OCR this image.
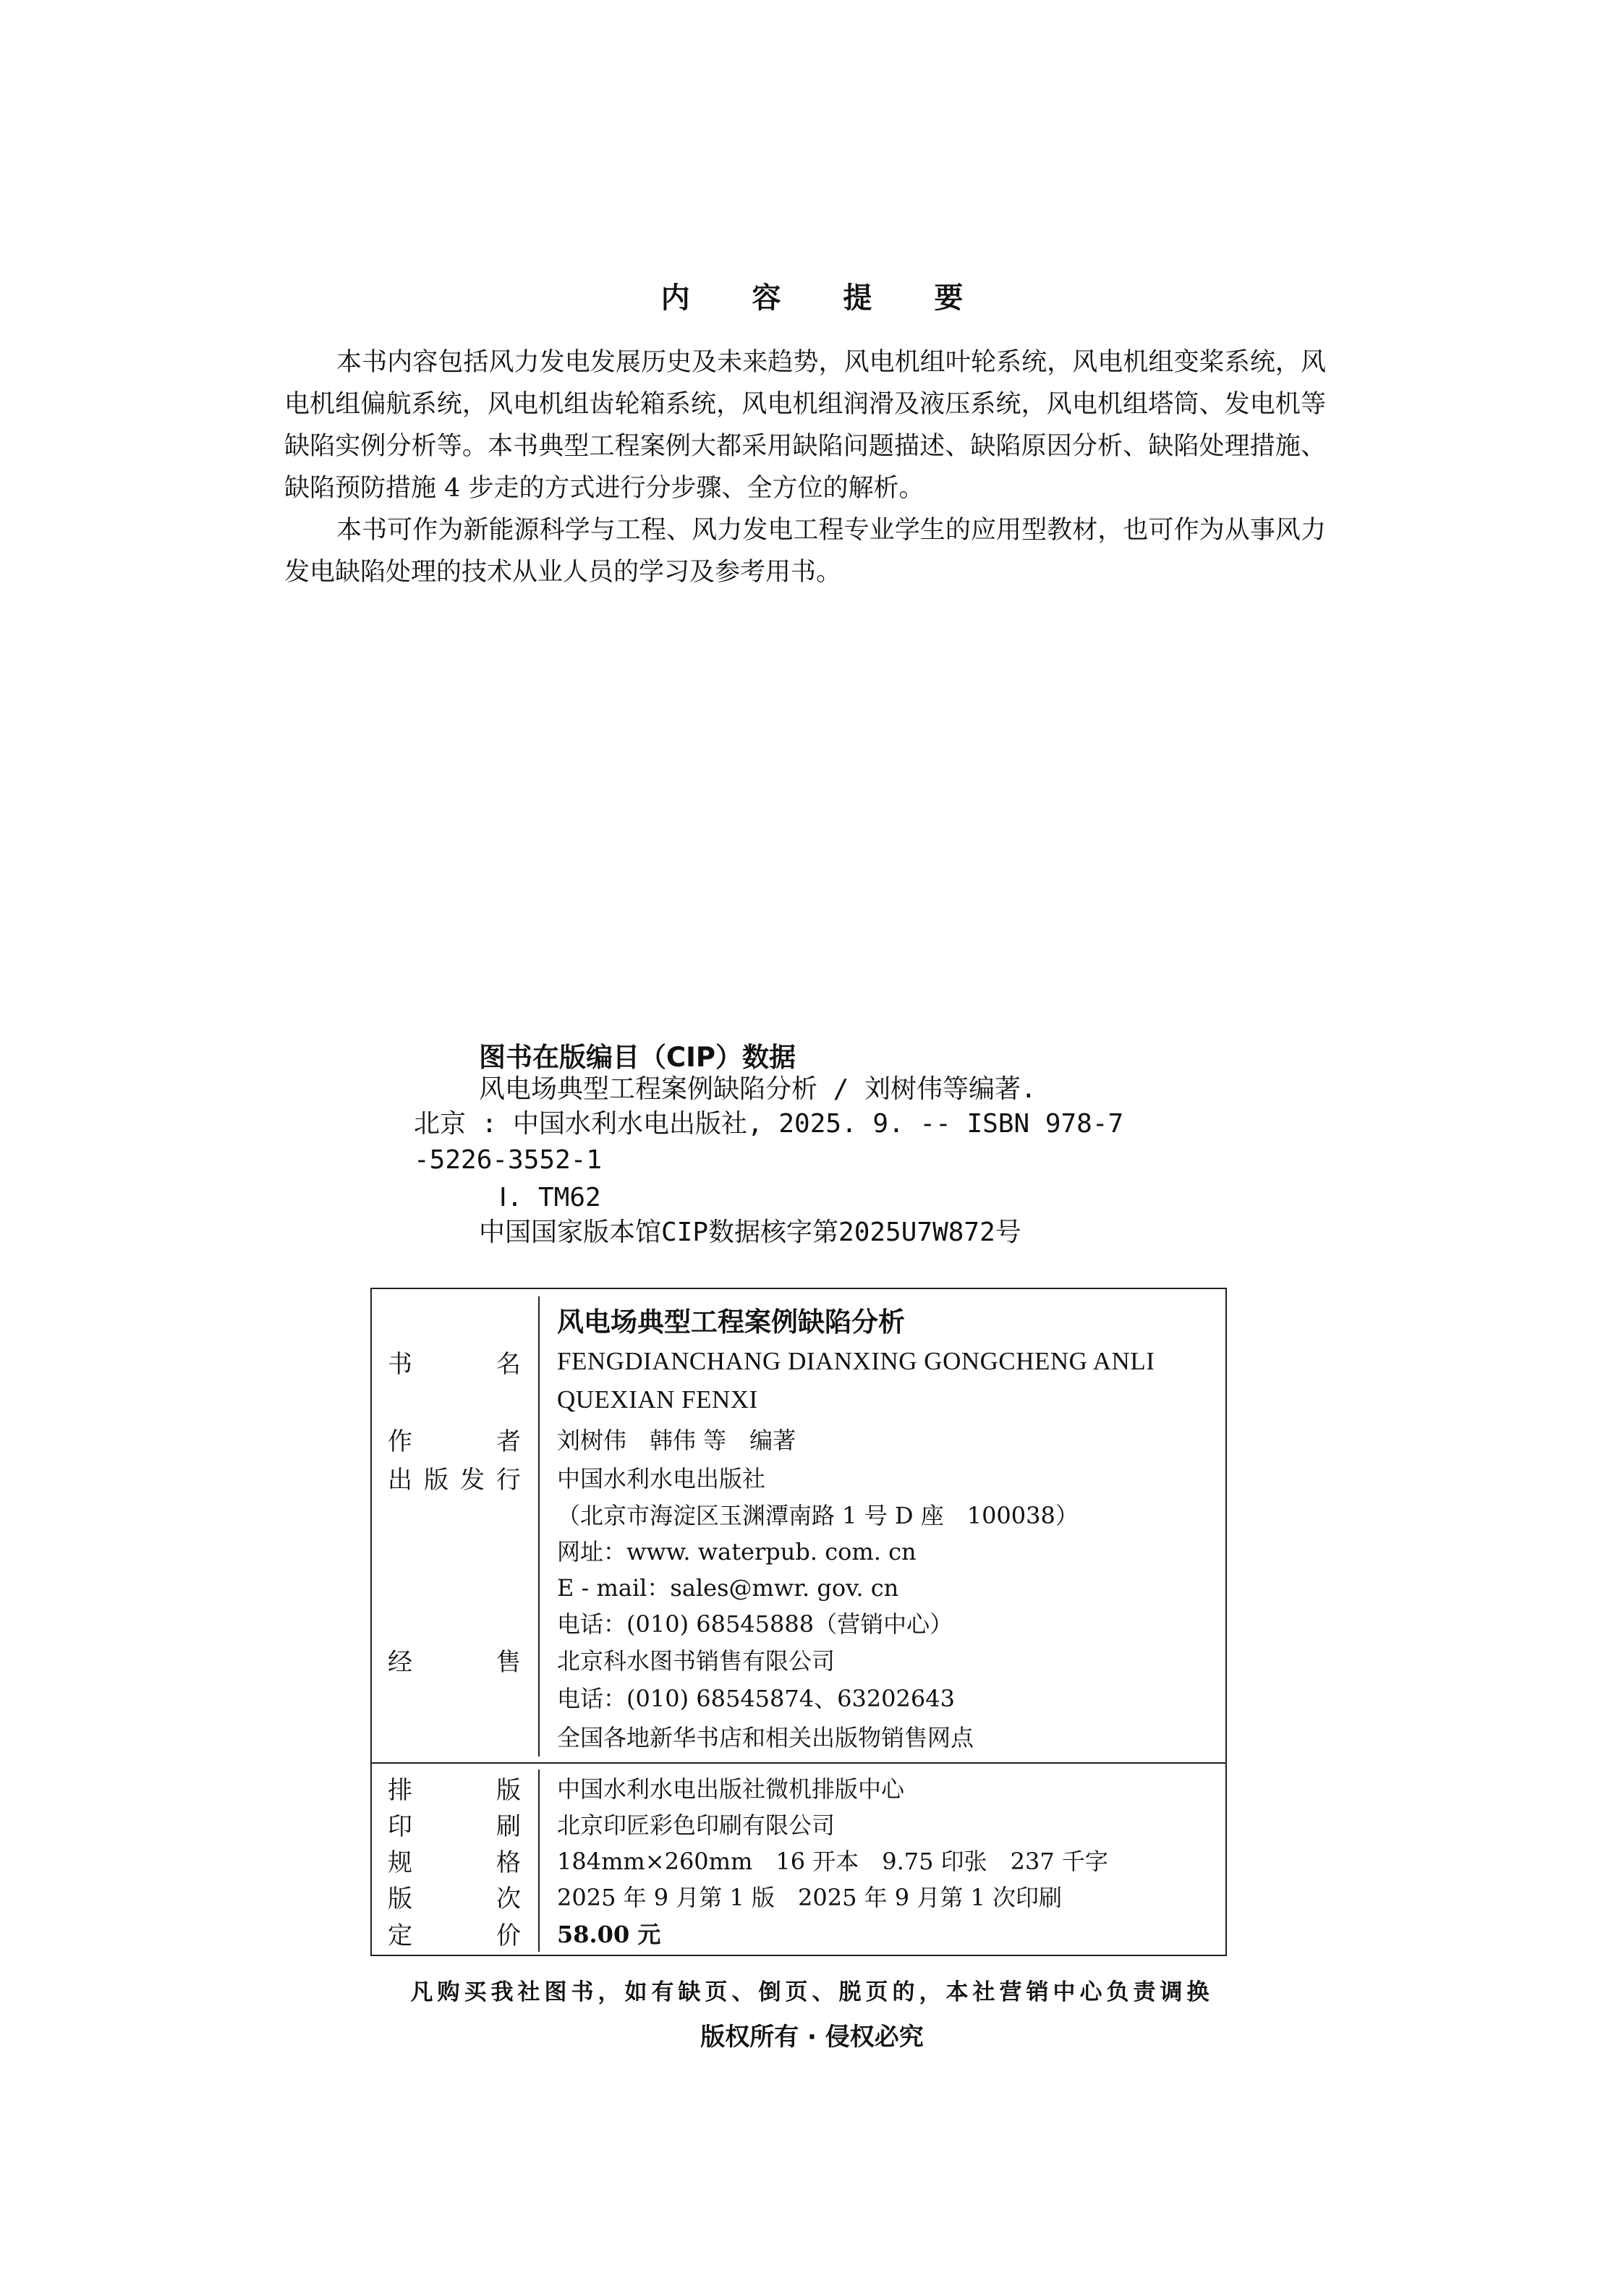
内 容 提 要

本书内容包括风力发电发展历史及未来趋势，风电机组叶轮系统，风电机组变桨系统，风电机组偏航系统，风电机组齿轮箱系统，风电机组润滑及液压系统，风电机组塔筒、发电机等缺陷实例分析等。本书典型工程案例大都采用缺陷问题描述、缺陷原因分析、缺陷处理措施、缺陷预防措施 4 步走的方式进行分步骤、全方位的解析。

本书可作为新能源科学与工程、风力发电工程专业学生的应用型教材，也可作为从事风力发电缺陷处理的技术从业人员的学习及参考用书。

图书在版编目（CIP）数据
风电场典型工程案例缺陷分析 / 刘树伟等编著.
北京 : 中国水利水电出版社, 2025. 9. -- ISBN 978-7
-5226-3552-1
Ⅰ. TM62
中国国家版本馆CIP数据核字第2025U7W872号
风电场典型工程案例缺陷分析
书	名	FENGDIANCHANG DIANXING GONGCHENG ANLI
QUEXIAN FENXI
作	者	刘树伟　韩伟 等　编著
出 版 发 行	中国水利水电出版社
（北京市海淀区玉渊潭南路 1 号 D 座　100038）
网址：www. waterpub. com. cn
E - mail：sales@mwr. gov. cn
电话：(010) 68545888（营销中心）
经	售	北京科水图书销售有限公司
电话：(010) 68545874、63202643
全国各地新华书店和相关出版物销售网点
排	版	中国水利水电出版社微机排版中心
印	刷	北京印匠彩色印刷有限公司
规	格	184mm×260mm　16 开本　9.75 印张　237 千字
版	次	2025 年 9 月第 1 版　2025 年 9 月第 1 次印刷
定	价	58.00 元
凡购买我社图书，如有缺页、倒页、脱页的，本社营销中心负责调换
版权所有 · 侵权必究
